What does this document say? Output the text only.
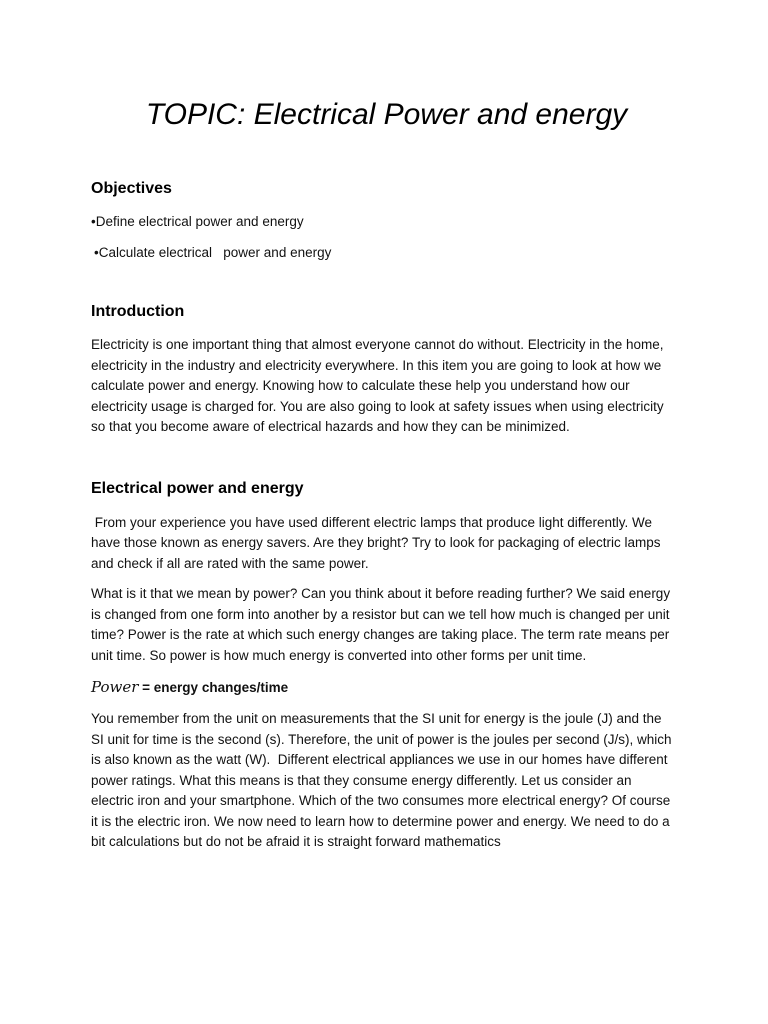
TOPIC: Electrical Power and energy
Objectives

•Define electrical power and energy

•Calculate electrical   power and energy

Introduction

Electricity is one important thing that almost everyone cannot do without. Electricity in the home, electricity in the industry and electricity everywhere. In this item you are going to look at how we calculate power and energy. Knowing how to calculate these help you understand how our electricity usage is charged for. You are also going to look at safety issues when using electricity so that you become aware of electrical hazards and how they can be minimized.

Electrical power and energy

From your experience you have used different electric lamps that produce light differently. We have those known as energy savers. Are they bright? Try to look for packaging of electric lamps and check if all are rated with the same power.

What is it that we mean by power? Can you think about it before reading further? We said energy is changed from one form into another by a resistor but can we tell how much is changed per unit time? Power is the rate at which such energy changes are taking place. The term rate means per unit time. So power is how much energy is converted into other forms per unit time.

Power = energy changes/time

You remember from the unit on measurements that the SI unit for energy is the joule (J) and the SI unit for time is the second (s). Therefore, the unit of power is the joules per second (J/s), which is also known as the watt (W).  Different electrical appliances we use in our homes have different power ratings. What this means is that they consume energy differently. Let us consider an electric iron and your smartphone. Which of the two consumes more electrical energy? Of course it is the electric iron. We now need to learn how to determine power and energy. We need to do a bit calculations but do not be afraid it is straight forward mathematics
